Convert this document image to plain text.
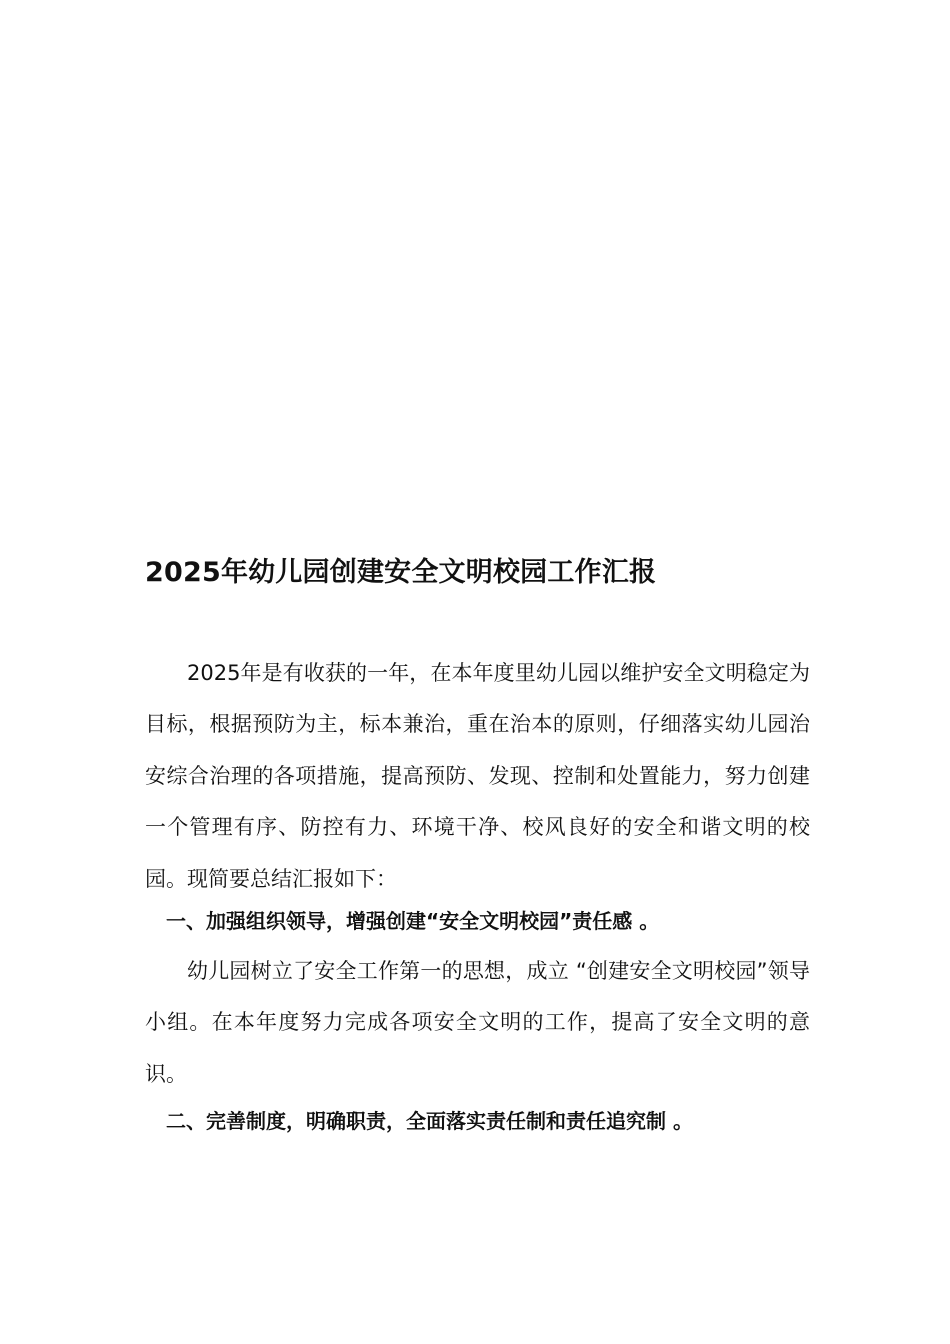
2025年幼儿园创建安全文明校园工作汇报

2025年是有收获的一年，在本年度里幼儿园以维护安全文明稳定为目标，根据预防为主，标本兼治，重在治本的原则，仔细落实幼儿园治安综合治理的各项措施，提高预防、发现、控制和处置能力，努力创建一个管理有序、防控有力、环境干净、校风良好的安全和谐文明的校园。现简要总结汇报如下：

一、加强组织领导，增强创建“安全文明校园”责任感 。

幼儿园树立了安全工作第一的思想，成立 “创建安全文明校园”领导小组。在本年度努力完成各项安全文明的工作，提高了安全文明的意识。

二、完善制度，明确职责，全面落实责任制和责任追究制 。
